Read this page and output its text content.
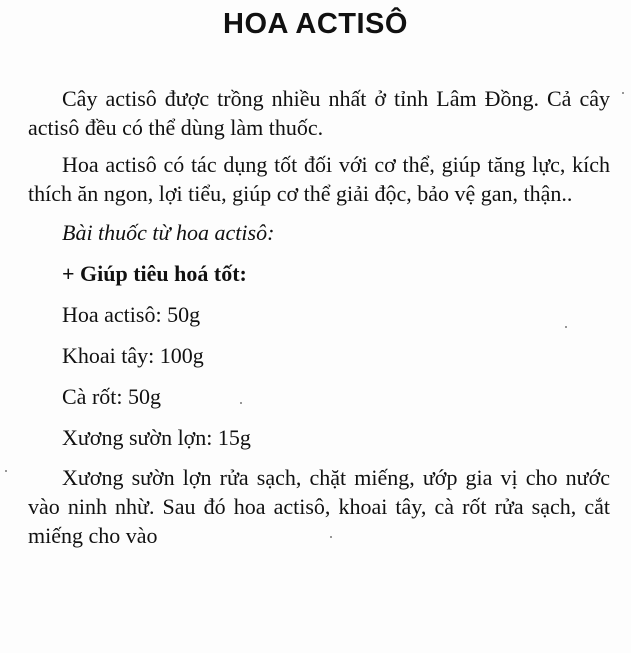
HOA ACTISÔ

Cây actisô được trồng nhiều nhất ở tỉnh Lâm Đồng. Cả cây actisô đều có thể dùng làm thuốc.

Hoa actisô có tác dụng tốt đối với cơ thể, giúp tăng lực, kích thích ăn ngon, lợi tiểu, giúp cơ thể giải độc, bảo vệ gan, thận..

Bài thuốc từ hoa actisô:

+ Giúp tiêu hoá tốt:

Hoa actisô: 50g

Khoai tây: 100g

Cà rốt: 50g

Xương sườn lợn: 15g

Xương sườn lợn rửa sạch, chặt miếng, ướp gia vị cho nước vào ninh nhừ. Sau đó hoa actisô, khoai tây, cà rốt rửa sạch, cắt miếng cho vào
